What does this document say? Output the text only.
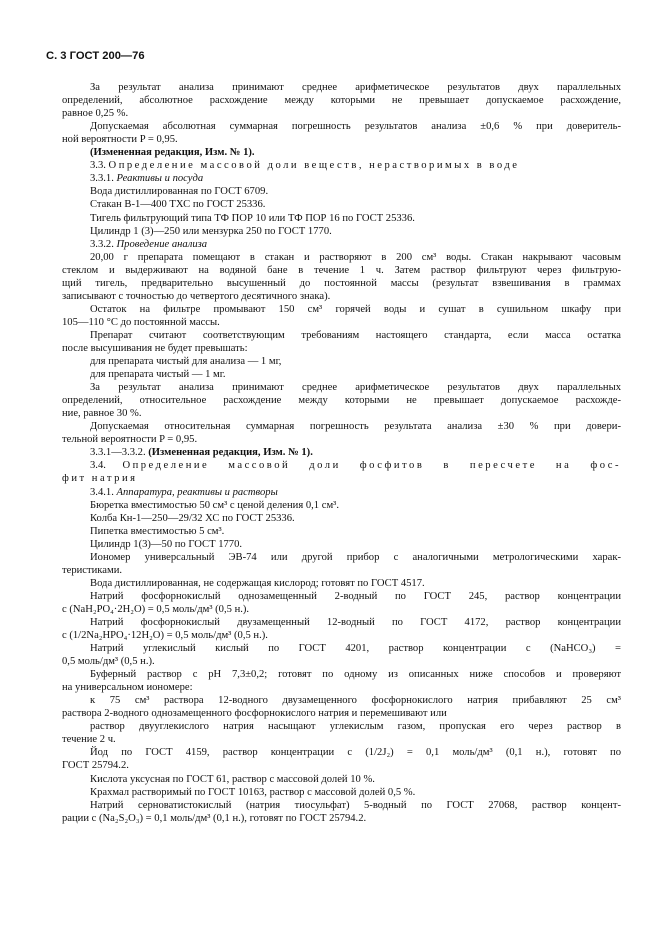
С. 3 ГОСТ 200—76

За результат анализа принимают среднее арифметическое результатов двух параллельных

определений, абсолютное расхождение между которыми не превышает допускаемое расхождение,

равное 0,25 %.

Допускаемая абсолютная суммарная погрешность результатов анализа ±0,6 % при доверитель-

ной вероятности P = 0,95.

(Измененная редакция, Изм. № 1).

3.3. Определение массовой доли веществ, нерастворимых в воде

3.3.1. Реактивы и посуда

Вода дистиллированная по ГОСТ 6709.

Стакан В-1—400 ТХС по ГОСТ 25336.

Тигель фильтрующий типа ТФ ПОР 10 или ТФ ПОР 16 по ГОСТ 25336.

Цилиндр 1 (3)—250 или мензурка 250 по ГОСТ 1770.

3.3.2. Проведение анализа

20,00 г препарата помещают в стакан и растворяют в 200 см³ воды. Стакан накрывают часовым

стеклом и выдерживают на водяной бане в течение 1 ч. Затем раствор фильтруют через фильтрую-

щий тигель, предварительно высушенный до постоянной массы (результат взвешивания в граммах

записывают с точностью до четвертого десятичного знака).

Остаток на фильтре промывают 150 см³ горячей воды и сушат в сушильном шкафу при

105—110 °С до постоянной массы.

Препарат считают соответствующим требованиям настоящего стандарта, если масса остатка

после высушивания не будет превышать:

для препарата чистый для анализа — 1 мг,

для препарата чистый — 1 мг.

За результат анализа принимают среднее арифметическое результатов двух параллельных

определений, относительное расхождение между которыми не превышает допускаемое расхожде-

ние, равное 30 %.

Допускаемая относительная суммарная погрешность результата анализа ±30 % при довери-

тельной вероятности P = 0,95.

3.3.1—3.3.2. (Измененная редакция, Изм. № 1).

3.4. Определение массовой доли фосфитов в пересчете на фос-

фит натрия

3.4.1. Аппаратура, реактивы и растворы

Бюретка вместимостью 50 см³ с ценой деления 0,1 см³.

Колба Кн-1—250—29/32 ХС по ГОСТ 25336.

Пипетка вместимостью 5 см³.

Цилиндр 1(3)—50 по ГОСТ 1770.

Иономер универсальный ЭВ-74 или другой прибор с аналогичными метрологическими харак-

теристиками.

Вода дистиллированная, не содержащая кислород; готовят по ГОСТ 4517.

Натрий фосфорнокислый однозамещенный 2-водный по ГОСТ 245, раствор концентрации

c (NaH₂PO₄·2H₂O) = 0,5 моль/дм³ (0,5 н.).

Натрий фосфорнокислый двузамещенный 12-водный по ГОСТ 4172, раствор концентрации

c (1/2Na₂HPO₄·12H₂O) = 0,5 моль/дм³ (0,5 н.).

Натрий углекислый кислый по ГОСТ 4201, раствор концентрации c (NaHCO₃) =

0,5 моль/дм³ (0,5 н.).

Буферный раствор с pH 7,3±0,2; готовят по одному из описанных ниже способов и проверяют

на универсальном иономере:

к 75 см³ раствора 12-водного двузамещенного фосфорнокислого натрия прибавляют 25 см³

раствора 2-водного однозамещенного фосфорнокислого натрия и перемешивают или

раствор двууглекислого натрия насыщают углекислым газом, пропуская его через раствор в

течение 2 ч.

Йод по ГОСТ 4159, раствор концентрации c (1/2J₂) = 0,1 моль/дм³ (0,1 н.), готовят по

ГОСТ 25794.2.

Кислота уксусная по ГОСТ 61, раствор с массовой долей 10 %.

Крахмал растворимый по ГОСТ 10163, раствор с массовой долей 0,5 %.

Натрий серноватистокислый (натрия тиосульфат) 5-водный по ГОСТ 27068, раствор концент-

рации c (Na₂S₂O₃) = 0,1 моль/дм³ (0,1 н.), готовят по ГОСТ 25794.2.
